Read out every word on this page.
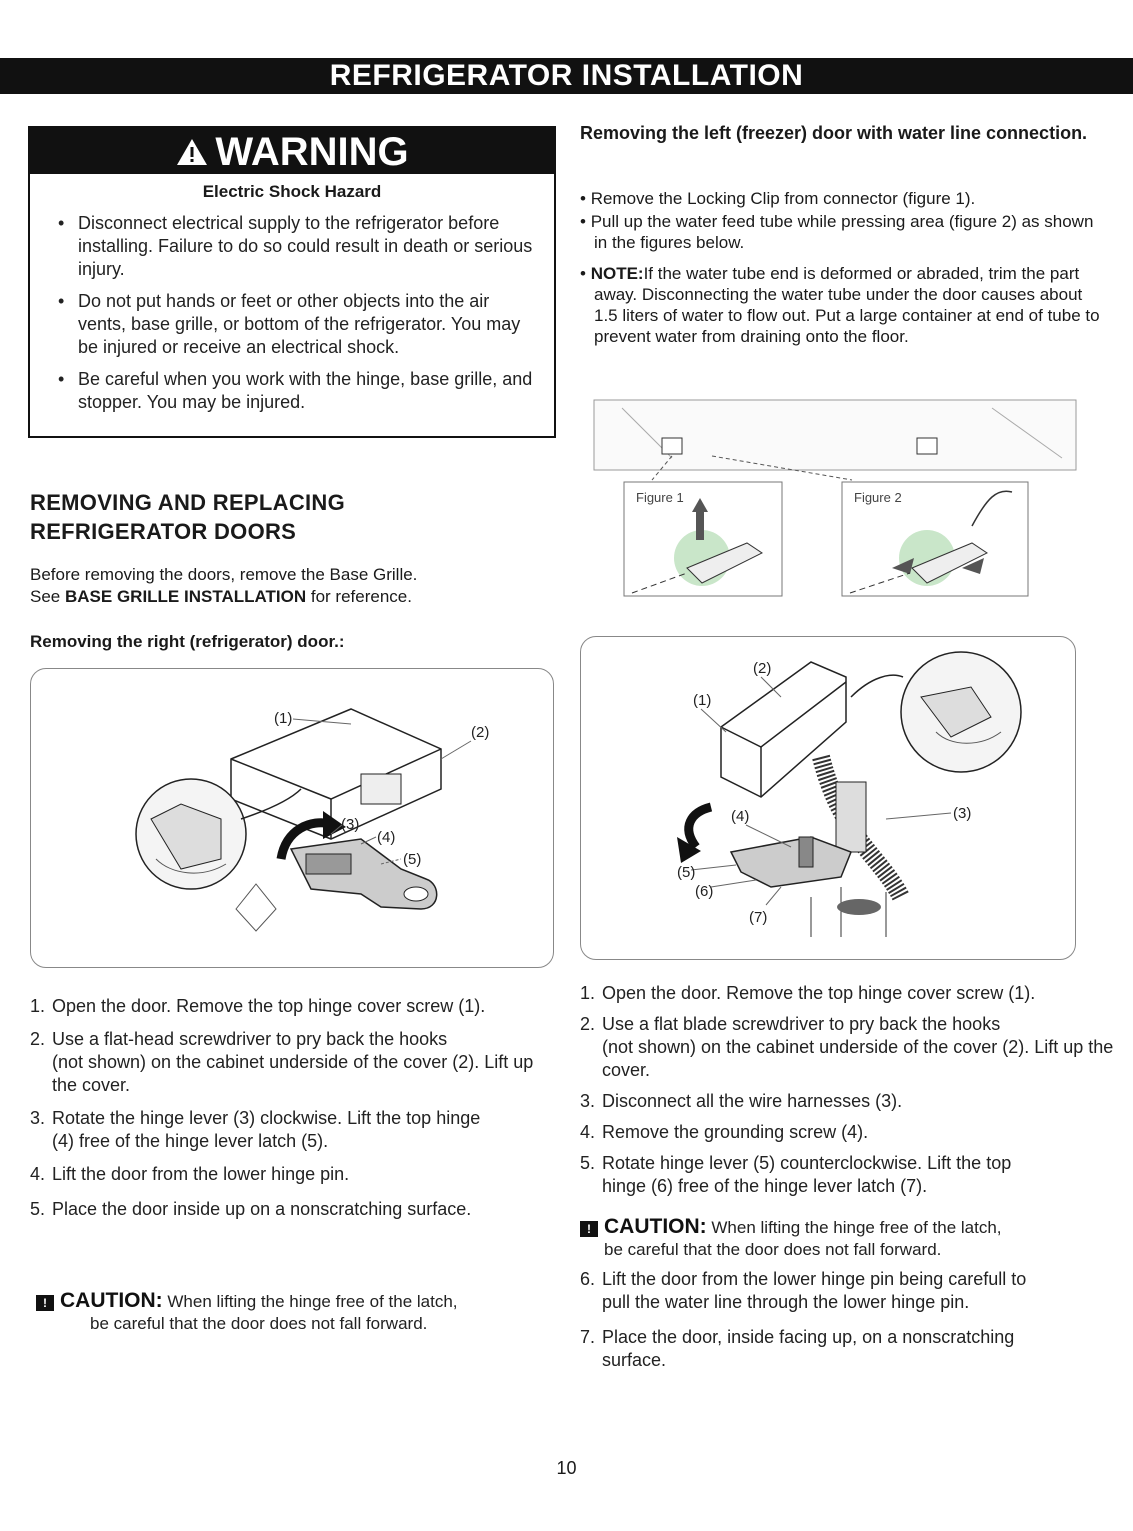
REFRIGERATOR INSTALLATION
WARNING
Electric Shock Hazard
• Disconnect electrical supply to the refrigerator before installing. Failure to do so could result in death or serious injury.
• Do not put hands or feet or other objects into the air vents, base grille, or bottom of the refrigerator. You may be injured or receive an electrical shock.
• Be careful when you work with the hinge, base grille, and stopper. You may be injured.
REMOVING AND REPLACING
REFRIGERATOR DOORS
Before removing the doors, remove the Base Grille.
See BASE GRILLE INSTALLATION for reference.
Removing the right (refrigerator) door.:
(1)
(2)
(3)
(4)
(5)
1. Open the door. Remove the top hinge cover screw (1).
2. Use a flat-head screwdriver to pry back the hooks
(not shown) on the cabinet underside of the cover (2). Lift up the cover.
3. Rotate the hinge lever (3) clockwise. Lift the top hinge
(4) free of the hinge lever latch (5).
4. Lift the door from the lower hinge pin.
5. Place the door inside up on a nonscratching surface.
! CAUTION: When lifting the hinge free of the latch,
be careful that the door does not fall forward.
Removing the left (freezer) door with water line connection.

• Remove the Locking Clip from connector (figure 1).

• Pull up the water feed tube while pressing area (figure 2) as shown in the figures below.

• NOTE:If the water tube end is deformed or abraded, trim the part away. Disconnecting the water tube under the door causes about 1.5 liters of water to flow out. Put a large container at end of tube to prevent water from draining onto the floor.

Figure 1	Figure 2
(1)
(2)
(3)
(4)
(5)
(6)
(7)
1. Open the door. Remove the top hinge cover screw (1).
2. Use a flat blade screwdriver to pry back the hooks
(not shown) on the cabinet underside of the cover (2). Lift up the cover.
3. Disconnect all the wire harnesses (3).
4. Remove the grounding screw (4).
5. Rotate hinge lever (5) counterclockwise. Lift the top
hinge (6) free of the hinge lever latch (7).
! CAUTION: When lifting the hinge free of the latch,
be careful that the door does not fall forward.
6. Lift the door from the lower hinge pin being carefull to
pull the water line through the lower hinge pin.
7. Place the door, inside facing up, on a nonscratching
surface.
10
